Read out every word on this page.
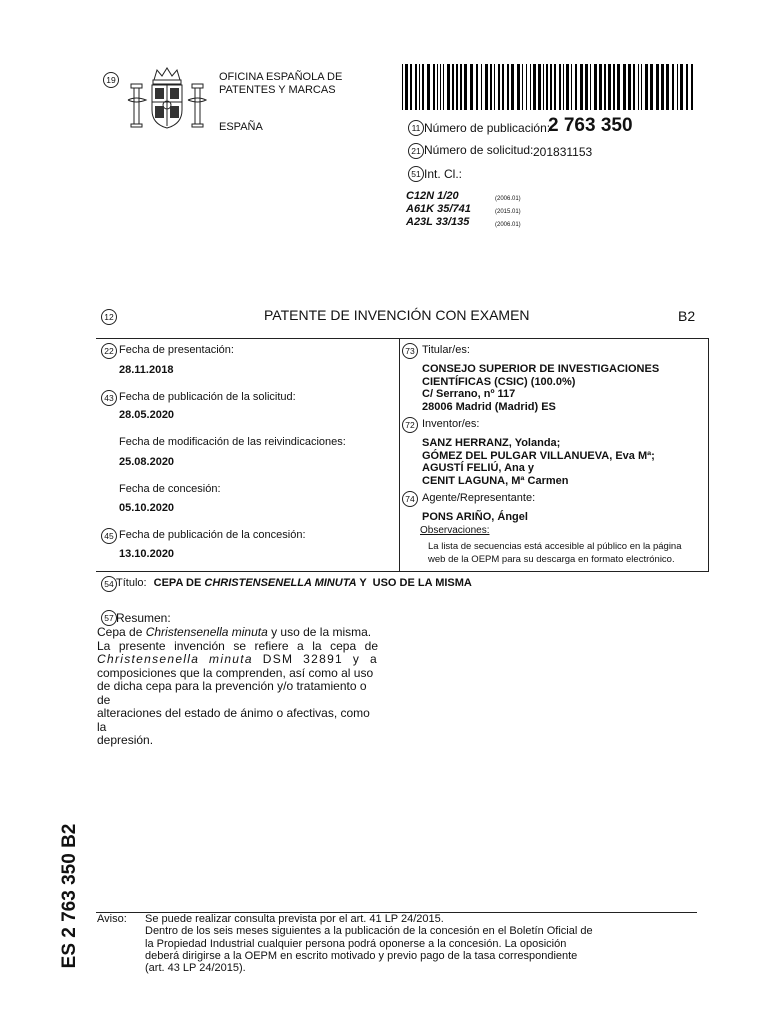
19	OFICINA ESPAÑOLA DE
PATENTES Y MARCAS
ESPAÑA	11 Número de publicación:
2 763 350
21 Número de solicitud: 201831153
51 Int. Cl.:
C12N 1/20	(2006.01)
A61K 35/741	(2015.01)
A23L 33/135	(2006.01)
12	PATENTE DE INVENCIÓN CON EXAMEN	B2
22 Fecha de presentación:
28.11.2018
43 Fecha de publicación de la solicitud:
28.05.2020
Fecha de modificación de las reivindicaciones:
25.08.2020
Fecha de concesión:
05.10.2020
45 Fecha de publicación de la concesión:
13.10.2020
73 Titular/es:
CONSEJO SUPERIOR DE INVESTIGACIONES
CIENTÍFICAS (CSIC) (100.0%)
C/ Serrano, nº 117
28006 Madrid (Madrid) ES
72 Inventor/es:
SANZ HERRANZ, Yolanda;
GÓMEZ DEL PULGAR VILLANUEVA, Eva Mª;
AGUSTÍ FELIÚ, Ana y
CENIT LAGUNA, Mª Carmen
74 Agente/Representante:
PONS ARIÑO, Ángel
Observaciones:
La lista de secuencias está accesible al público en la página
web de la OEPM para su descarga en formato electrónico.
54 Título: CEPA DE CHRISTENSENELLA MINUTA Y  USO DE LA MISMA
57 Resumen:
Cepa de Christensenella minuta y uso de la misma.
La presente invención se refiere a la cepa de
Christensenella minuta DSM 32891 y a
composiciones que la comprenden, así como al uso
de dicha cepa para la prevención y/o tratamiento o de
alteraciones del estado de ánimo o afectivas, como la
depresión.
ES 2 763 350 B2 Aviso: Se puede realizar consulta prevista por el art. 41 LP 24/2015.
Dentro de los seis meses siguientes a la publicación de la concesión en el Boletín Oficial de
la Propiedad Industrial cualquier persona podrá oponerse a la concesión. La oposición
deberá dirigirse a la OEPM en escrito motivado y previo pago de la tasa correspondiente
(art. 43 LP 24/2015).
